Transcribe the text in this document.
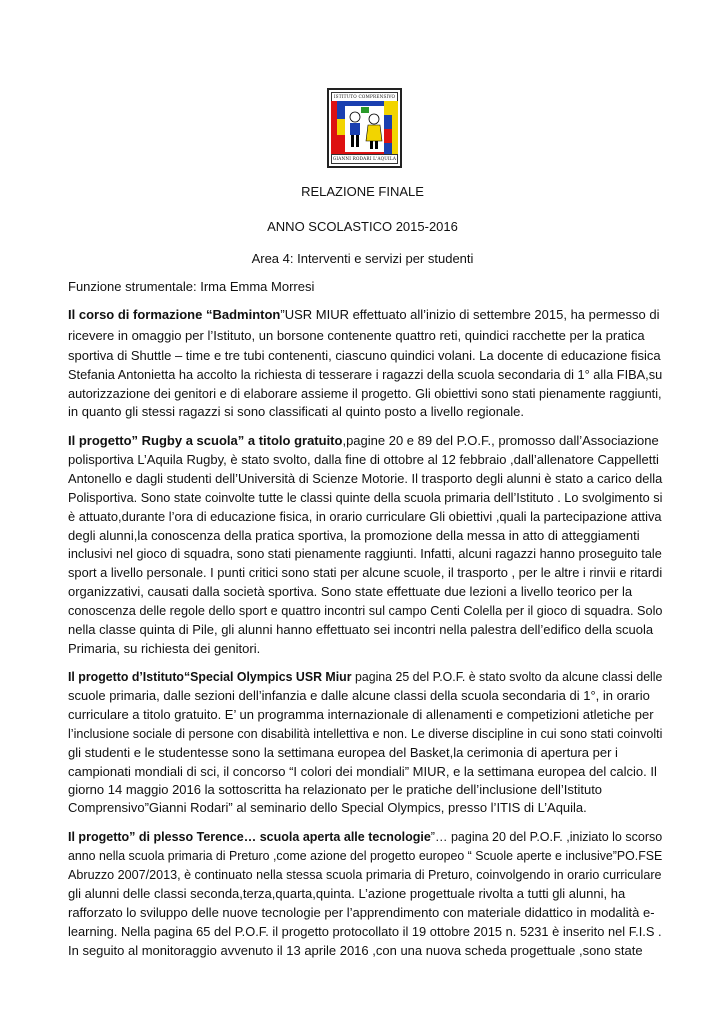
ISTITUTO COMPRENSIVO
GIANNI RODARI L'AQUILA
RELAZIONE FINALE
ANNO SCOLASTICO 2015-2016
Area 4: Interventi e servizi per studenti
Funzione strumentale: Irma Emma Morresi
Il corso di formazione “Badminton”USR MIUR effettuato all’inizio di settembre 2015, ha permesso di
ricevere in omaggio per l’Istituto, un borsone contenente quattro reti, quindici racchette per la pratica
sportiva di Shuttle – time e tre tubi contenenti, ciascuno quindici volani. La docente di educazione fisica
Stefania Antonietta ha accolto la richiesta di tesserare i ragazzi della scuola secondaria di 1° alla FIBA,su
autorizzazione dei genitori e di elaborare assieme il progetto. Gli obiettivi sono stati pienamente raggiunti,
in quanto gli stessi ragazzi si sono classificati al quinto posto a livello regionale.
Il progetto” Rugby a scuola” a titolo gratuito,pagine 20 e 89 del P.O.F., promosso dall’Associazione
polisportiva L’Aquila Rugby, è stato svolto, dalla fine di ottobre al 12 febbraio ,dall’allenatore Cappelletti
Antonello e dagli studenti dell’Università di Scienze Motorie. Il trasporto degli alunni è stato a carico della
Polisportiva. Sono state coinvolte tutte le classi quinte della scuola primaria dell’Istituto . Lo svolgimento si
è attuato,durante l’ora di educazione fisica, in orario curriculare Gli obiettivi ,quali la partecipazione attiva
degli alunni,la conoscenza della pratica sportiva, la promozione della messa in atto di atteggiamenti
inclusivi nel gioco di squadra, sono stati pienamente raggiunti. Infatti, alcuni ragazzi hanno proseguito tale
sport a livello personale. I punti critici sono stati per alcune scuole, il trasporto , per le altre i rinvii e ritardi
organizzativi, causati dalla società sportiva. Sono state effettuate due lezioni a livello teorico per la
conoscenza delle regole dello sport e quattro incontri sul campo Centi Colella per il gioco di squadra. Solo
nella classe quinta di Pile, gli alunni hanno effettuato sei incontri nella palestra dell’edifico della scuola
Primaria, su richiesta dei genitori.
Il progetto d’Istituto“Special Olympics USR Miur pagina 25 del P.O.F. è stato svolto da alcune classi delle
scuole primaria, dalle sezioni dell’infanzia e dalle alcune classi della scuola secondaria di 1°, in orario
curriculare a titolo gratuito. E’ un programma internazionale di allenamenti e competizioni atletiche per
l’inclusione sociale di persone con disabilità intellettiva e non. Le diverse discipline in cui sono stati coinvolti
gli studenti e le studentesse sono la settimana europea del Basket,la cerimonia di apertura per i
campionati mondiali di sci, il concorso “I colori dei mondiali” MIUR, e la settimana europea del calcio. Il
giorno 14 maggio 2016 la sottoscritta ha relazionato per le pratiche dell’inclusione dell’Istituto
Comprensivo”Gianni Rodari” al seminario dello Special Olympics, presso l’ITIS di L’Aquila.
Il progetto” di plesso Terence… scuola aperta alle tecnologie”… pagina 20 del P.O.F. ,iniziato lo scorso
anno nella scuola primaria di Preturo ,come azione del progetto europeo “ Scuole aperte e inclusive”PO.FSE
Abruzzo 2007/2013, è continuato nella stessa scuola primaria di Preturo, coinvolgendo in orario curriculare
gli alunni delle classi seconda,terza,quarta,quinta. L’azione progettuale rivolta a tutti gli alunni, ha
rafforzato lo sviluppo delle nuove tecnologie per l’apprendimento con materiale didattico in modalità e-
learning. Nella pagina 65 del P.O.F. il progetto protocollato il 19 ottobre 2015 n. 5231 è inserito nel F.I.S .
In seguito al monitoraggio avvenuto il 13 aprile 2016 ,con una nuova scheda progettuale ,sono state
